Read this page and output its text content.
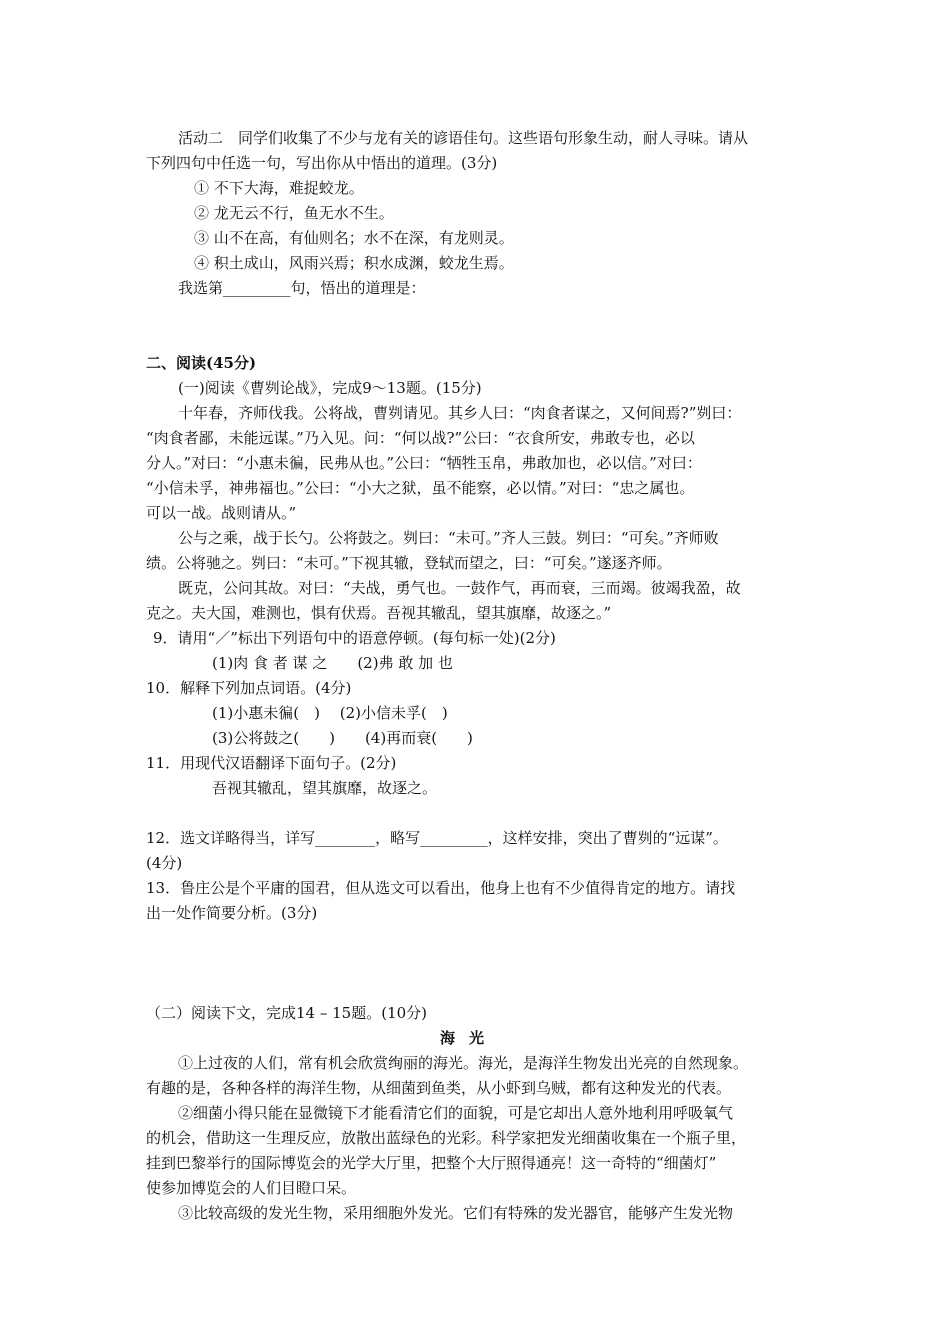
活动二　同学们收集了不少与龙有关的谚语佳句。这些语句形象生动，耐人寻味。请从
下列四句中任选一句，写出你从中悟出的道理。(3分)
① 不下大海，难捉蛟龙。
② 龙无云不行，鱼无水不生。
③ 山不在高，有仙则名；水不在深，有龙则灵。
④ 积土成山，风雨兴焉；积水成渊，蛟龙生焉。
我选第_________句，悟出的道理是：
二、阅读(45分)
(一)阅读《曹刿论战》，完成9～13题。(15分)
十年春，齐师伐我。公将战，曹刿请见。其乡人曰：“肉食者谋之，又何间焉?”刿曰：
“肉食者鄙，未能远谋。”乃入见。问：“何以战?”公曰：“衣食所安，弗敢专也，必以
分人。”对曰：“小惠未徧，民弗从也。”公曰：“牺牲玉帛，弗敢加也，必以信。”对曰：
“小信未孚，神弗福也。”公曰：“小大之狱，虽不能察，必以情。”对曰：“忠之属也。
可以一战。战则请从。”
公与之乘，战于长勺。公将鼓之。刿曰：“未可。”齐人三鼓。刿曰：“可矣。”齐师败
绩。公将驰之。刿曰：“未可。”下视其辙，登轼而望之，曰：“可矣。”遂逐齐师。
既克，公问其故。对曰：“夫战，勇气也。一鼓作气，再而衰，三而竭。彼竭我盈，故
克之。夫大国，难测也，惧有伏焉。吾视其辙乱，望其旗靡，故逐之。”
9．请用“／”标出下列语句中的语意停顿。(每句标一处)(2分)
(1)肉 食 者 谋 之　　(2)弗 敢 加 也
10．解释下列加点词语。(4分)
(1)小惠未徧(　)　 (2)小信未孚(　)
(3)公将鼓之(　　)　　(4)再而衰(　　)
11．用现代汉语翻译下面句子。(2分)
吾视其辙乱，望其旗靡，故逐之。
12．选文详略得当，详写________，略写_________，这样安排，突出了曹刿的“远谋”。
(4分)
13．鲁庄公是个平庸的国君，但从选文可以看出，他身上也有不少值得肯定的地方。请找
出一处作简要分析。(3分)
（二）阅读下文，完成14 – 15题。(10分)
海光
①上过夜的人们，常有机会欣赏绚丽的海光。海光，是海洋生物发出光亮的自然现象。
有趣的是，各种各样的海洋生物，从细菌到鱼类，从小虾到乌贼，都有这种发光的代表。
②细菌小得只能在显微镜下才能看清它们的面貌，可是它却出人意外地利用呼吸氧气
的机会，借助这一生理反应，放散出蓝绿色的光彩。科学家把发光细菌收集在一个瓶子里，
挂到巴黎举行的国际博览会的光学大厅里，把整个大厅照得通亮！这一奇特的“细菌灯”
使参加博览会的人们目瞪口呆。
③比较高级的发光生物，采用细胞外发光。它们有特殊的发光器官，能够产生发光物
